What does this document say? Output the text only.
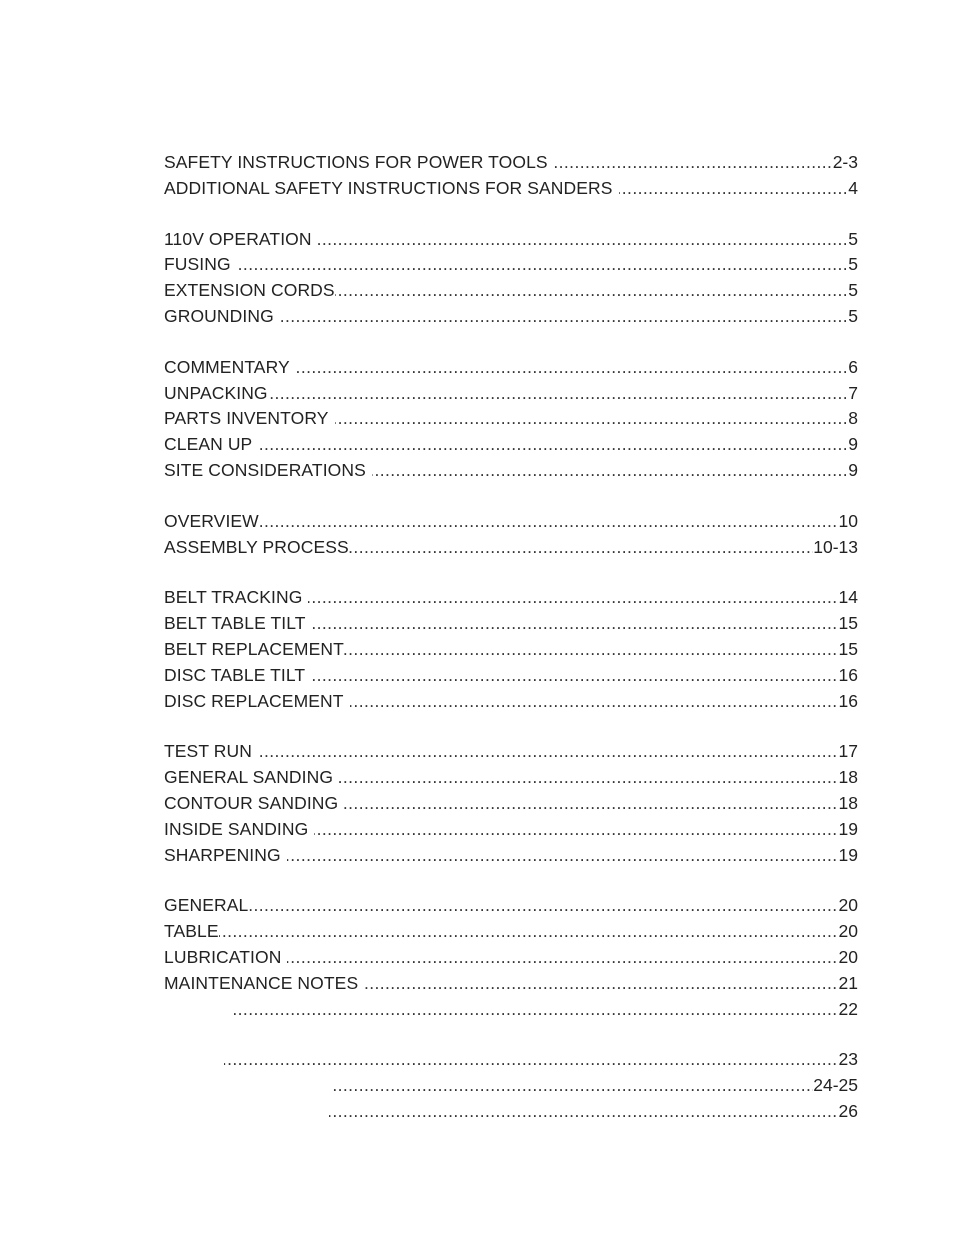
.....
SAFETY INSTRUCTIONS FOR POWER TOOLS	2-3
.....
ADDITIONAL SAFETY INSTRUCTIONS FOR SANDERS	4
.....
110V OPERATION	5
.....
FUSING	5
.....
EXTENSION CORDS	5
.....
GROUNDING	5
.....
COMMENTARY	6
.....
UNPACKING	7
.....
PARTS INVENTORY	8
.....
CLEAN UP	9
.....
SITE CONSIDERATIONS	9
.....
OVERVIEW	10
.....
ASSEMBLY PROCESS	10-13
.....
BELT TRACKING	14
.....
BELT TABLE TILT	15
.....
BELT REPLACEMENT	15
.....
DISC TABLE TILT	16
.....
DISC REPLACEMENT	16
.....
TEST RUN	17
.....
GENERAL SANDING	18
.....
CONTOUR SANDING	18
.....
INSIDE SANDING	19
.....
SHARPENING	19
.....
GENERAL	20
.....
TABLE	20
.....
LUBRICATION	20
.....
MAINTENANCE NOTES	21
.....
22
.....
23
.....
24-25
.....
26
